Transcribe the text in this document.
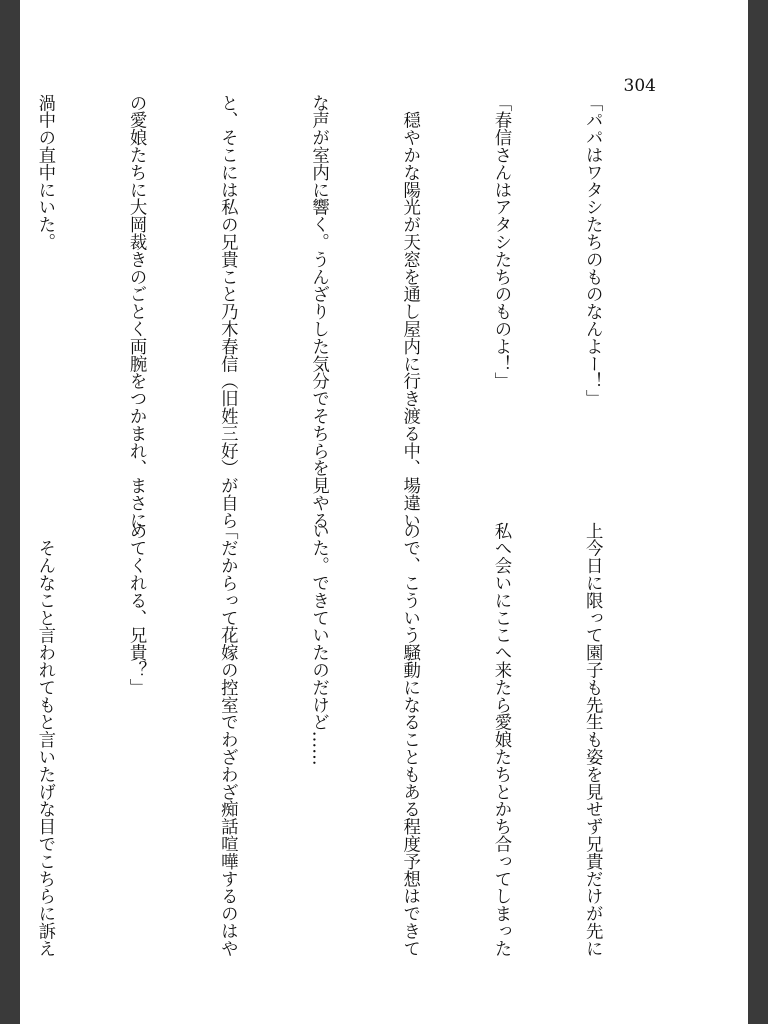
304

「パパはワタシたちのものなんよー！」

「春信さんはアタシたちのものよ！」

　穏やかな陽光が天窓を通し屋内に行き渡る中、場違い

な声が室内に響く。うんざりした気分でそちらを見やる

と、そこには私の兄貴こと乃木春信（旧姓三好）が自ら

の愛娘たちに大岡裁きのごとく両腕をつかまれ、まさに

渦中の直中にいた。

上今日に限って園子も先生も姿を見せず兄貴だけが先に

私へ会いにここへ来たら愛娘たちとかち合ってしまった

ので、こういう騒動になることもある程度予想はできて

いた。できていたのだけど……

「だからって花嫁の控室でわざわざ痴話喧嘩するのはや

めてくれる、兄貴？」

　そんなこと言われてもと言いたげな目でこちらに訴え
